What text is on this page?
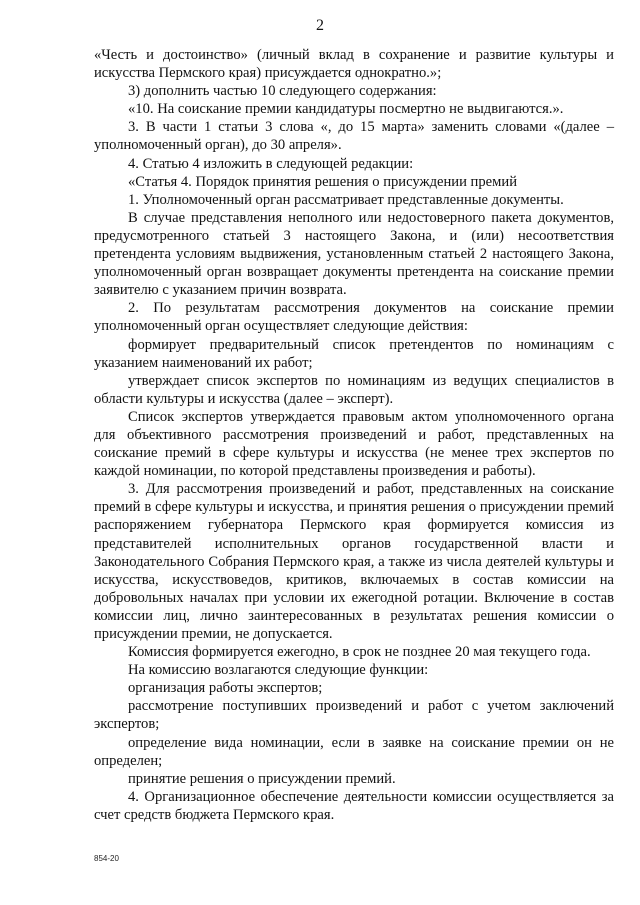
2

«Честь и достоинство» (личный вклад в сохранение и развитие культуры и искусства Пермского края) присуждается однократно.»;

3) дополнить частью 10 следующего содержания:

«10. На соискание премии кандидатуры посмертно не выдвигаются.».

3. В части 1 статьи 3 слова «, до 15 марта» заменить словами «(далее – уполномоченный орган), до 30 апреля».

4. Статью 4 изложить в следующей редакции:

«Статья 4. Порядок принятия решения о присуждении премий

1. Уполномоченный орган рассматривает представленные документы.

В случае представления неполного или недостоверного пакета документов, предусмотренного статьей 3 настоящего Закона, и (или) несоответствия претендента условиям выдвижения, установленным статьей 2 настоящего Закона, уполномоченный орган возвращает документы претендента на соискание премии заявителю с указанием причин возврата.

2. По результатам рассмотрения документов на соискание премии уполномоченный орган осуществляет следующие действия:

формирует предварительный список претендентов по номинациям с указанием наименований их работ;

утверждает список экспертов по номинациям из ведущих специалистов в области культуры и искусства (далее – эксперт).

Список экспертов утверждается правовым актом уполномоченного органа для объективного рассмотрения произведений и работ, представленных на соискание премий в сфере культуры и искусства (не менее трех экспертов по каждой номинации, по которой представлены произведения и работы).

3. Для рассмотрения произведений и работ, представленных на соискание премий в сфере культуры и искусства, и принятия решения о присуждении премий распоряжением губернатора Пермского края формируется комиссия из представителей исполнительных органов государственной власти и Законодательного Собрания Пермского края, а также из числа деятелей культуры и искусства, искусствоведов, критиков, включаемых в состав комиссии на добровольных началах при условии их ежегодной ротации. Включение в состав комиссии лиц, лично заинтересованных в результатах решения комиссии о присуждении премии, не допускается.

Комиссия формируется ежегодно, в срок не позднее 20 мая текущего года.

На комиссию возлагаются следующие функции:

организация работы экспертов;

рассмотрение поступивших произведений и работ с учетом заключений экспертов;

определение вида номинации, если в заявке на соискание премии он не определен;

принятие решения о присуждении премий.

4. Организационное обеспечение деятельности комиссии осуществляется за счет средств бюджета Пермского края.

854-20
